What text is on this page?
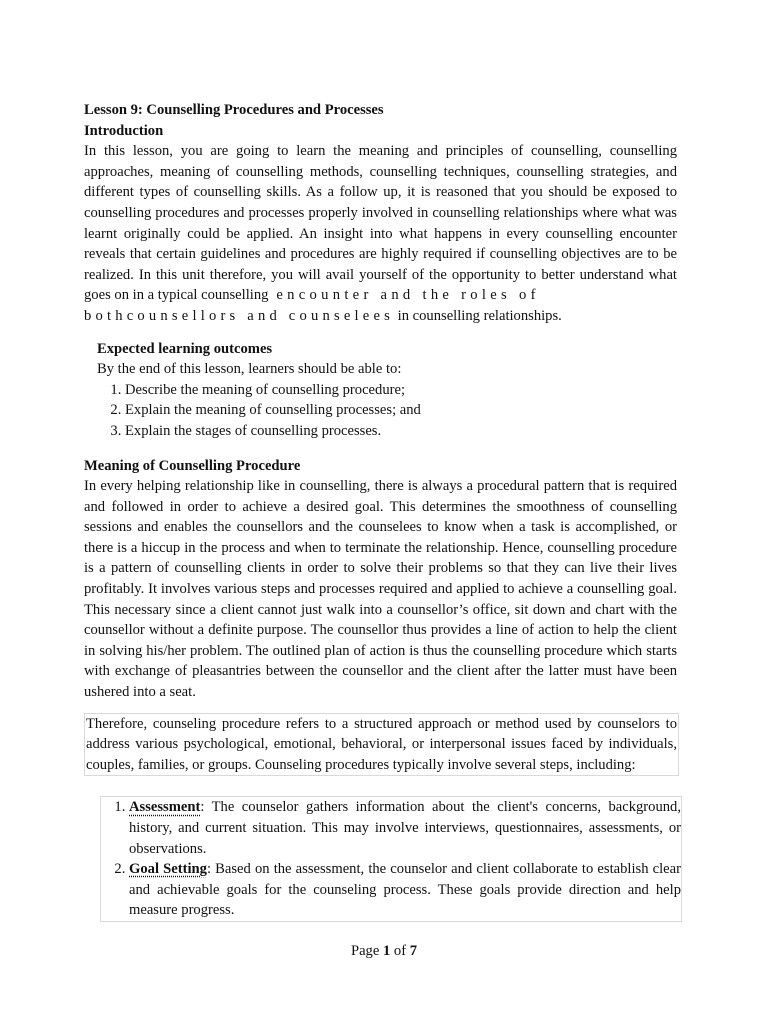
Lesson 9: Counselling Procedures and Processes

Introduction

In this lesson, you are going to learn the meaning and principles of counselling, counselling approaches, meaning of counselling methods, counselling techniques, counselling strategies, and different types of counselling skills. As a follow up, it is reasoned that you should be exposed to counselling procedures and processes properly involved in counselling relationships where what was learnt originally could be applied. An insight into what happens in every counselling encounter reveals that certain guidelines and procedures are highly required if counselling objectives are to be realized. In this unit therefore, you will avail yourself of the opportunity to better understand what goes on in a typical counselling encounter and the roles of
bothcounsellors and counselees in counselling relationships.

Expected learning outcomes

By the end of this lesson, learners should be able to:

1. Describe the meaning of counselling procedure;
2. Explain the meaning of counselling processes; and
3. Explain the stages of counselling processes.

Meaning of Counselling Procedure

In every helping relationship like in counselling, there is always a procedural pattern that is required and followed in order to achieve a desired goal. This determines the smoothness of counselling sessions and enables the counsellors and the counselees to know when a task is accomplished, or there is a hiccup in the process and when to terminate the relationship. Hence, counselling procedure is a pattern of counselling clients in order to solve their problems so that they can live their lives profitably. It involves various steps and processes required and applied to achieve a counselling goal. This necessary since a client cannot just walk into a counsellor’s office, sit down and chart with the counsellor without a definite purpose. The counsellor thus provides a line of action to help the client in solving his/her problem. The outlined plan of action is thus the counselling procedure which starts with exchange of pleasantries between the counsellor and the client after the latter must have been ushered into a seat.

Therefore, counseling procedure refers to a structured approach or method used by counselors to address various psychological, emotional, behavioral, or interpersonal issues faced by individuals, couples, families, or groups. Counseling procedures typically involve several steps, including:
1. Assessment: The counselor gathers information about the client's concerns, background, history, and current situation. This may involve interviews, questionnaires, assessments, or observations.
2. Goal Setting: Based on the assessment, the counselor and client collaborate to establish clear and achievable goals for the counseling process. These goals provide direction and help measure progress.
Page 1 of 7
